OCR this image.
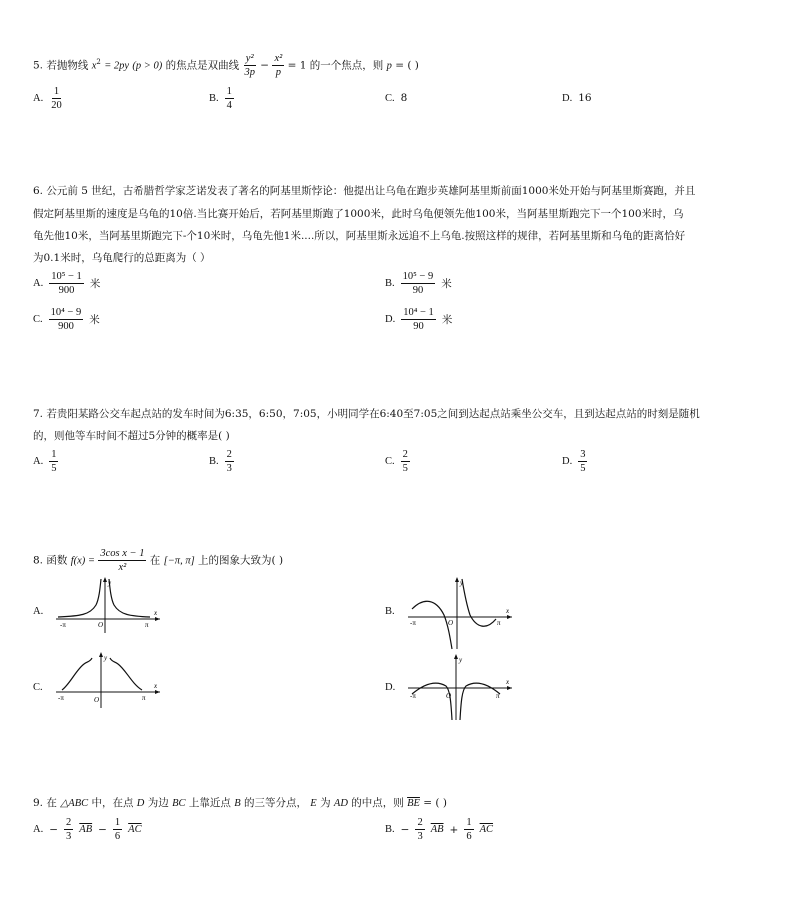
5. 若抛物线 $x^2 = 2py$ (p > 0) 的焦点是双曲线 $\frac{\text{y²}}{3p} - \frac{\text{x²}}{p} = 1$ 的一个焦点，则 p = ( )
A. $\frac{1}{20}$	B. $\frac{1}{4}$	C. 8	D. 16
6. 公元前 5 世纪，古希腊哲学家芝诺发表了著名的阿基里斯悖论：他提出让乌龟在跑步英雄阿基里斯前面1000米处开始与阿基里斯赛跑，并且
假定阿基里斯的速度是乌龟的10倍.当比赛开始后，若阿基里斯跑了1000米，此时乌龟便领先他100米，当阿基里斯跑完下一个100米时，乌
龟先他10米，当阿基里斯跑完下-个10米时，乌龟先他1米....所以，阿基里斯永远追不上乌龟.按照这样的规律，若阿基里斯和乌龟的距离恰好
为0.1米时，乌龟爬行的总距离为（ ）
A. $\frac{\text{10⁵ − 1}}{900}$ 米	B. $\frac{\text{10⁵ − 9}}{90}$ 米
C. $\frac{\text{10⁴ − 9}}{900}$ 米	D. $\frac{\text{10⁴ − 1}}{90}$ 米
7. 若贵阳某路公交车起点站的发车时间为6:35，6:50，7:05，小明同学在6:40至7:05之间到达起点站乘坐公交车，且到达起点站的时刻是随机
的，则他等车时间不超过5分钟的概率是( )
A. $\frac{1}{5}$	B. $\frac{2}{3}$	C. $\frac{2}{5}$	D. $\frac{3}{5}$
8. 函数 $f(x) = \frac{\text{3cos x − 1}}{\text{x²}}$ 在 [−π, π] 上的图象大致为( )
A.	B.
C.	D.
x
y
O
-π	π
x
y
O
-π	π
x
y
O
-π	π
x
y
O
-π	π
9. 在 △ABC 中，在点 D 为边 BC 上靠近点 B 的三等分点， E 为 AD 的中点，则 $\overline{BE}$ = ( )
A. − $\frac{2}{3} \overline{AB} - \frac{1}{6} \overline{AC}$	B. − $\frac{2}{3} \overline{AB} + \frac{1}{6} \overline{AC}$
